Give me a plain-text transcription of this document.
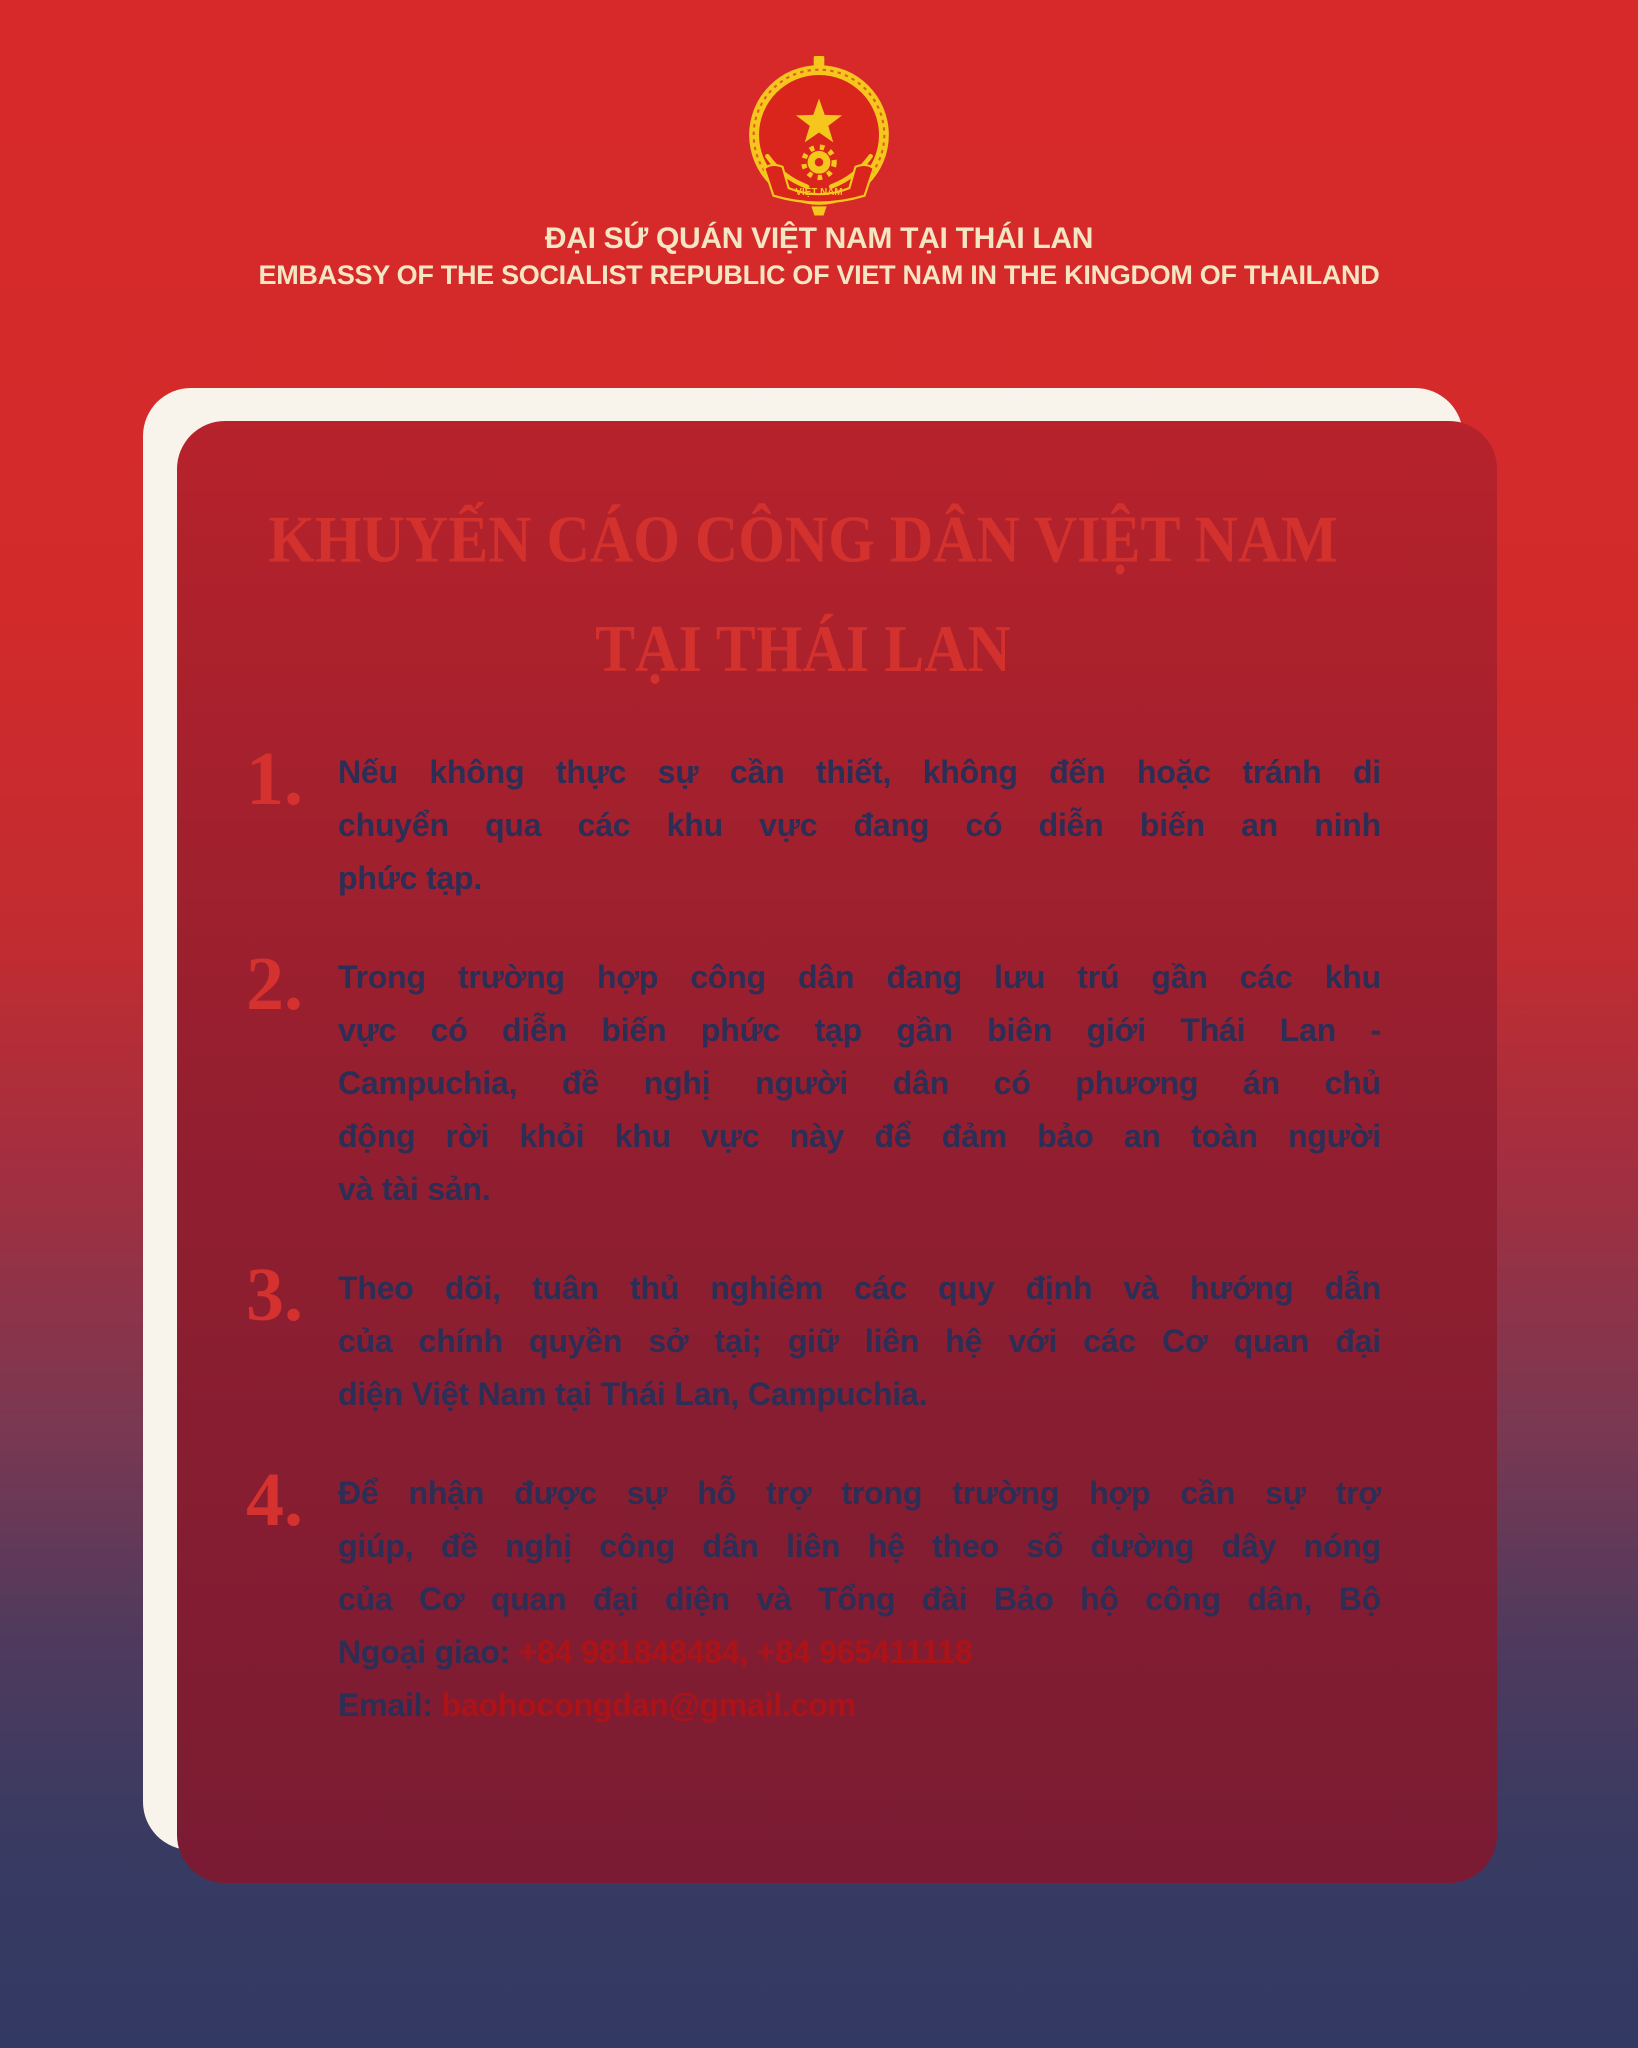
VIỆT NAM
ĐẠI SỨ QUÁN VIỆT NAM TẠI THÁI LAN
EMBASSY OF THE SOCIALIST REPUBLIC OF VIET NAM IN THE KINGDOM OF THAILAND
KHUYẾN CÁO CÔNG DÂN VIỆT NAM
TẠI THÁI LAN
1.	Nếu không thực sự cần thiết, không đến hoặc tránh di
chuyển qua các khu vực đang có diễn biến an ninh
phức tạp.
2.	Trong trường hợp công dân đang lưu trú gần các khu
vực có diễn biến phức tạp gần biên giới Thái Lan -
Campuchia, đề nghị người dân có phương án chủ
động rời khỏi khu vực này để đảm bảo an toàn người
và tài sản.
3.	Theo dõi, tuân thủ nghiêm các quy định và hướng dẫn
của chính quyền sở tại; giữ liên hệ với các Cơ quan đại
diện Việt Nam tại Thái Lan, Campuchia.
4.	Để nhận được sự hỗ trợ trong trường hợp cần sự trợ
giúp, đề nghị công dân liên hệ theo số đường dây nóng
của Cơ quan đại diện và Tổng đài Bảo hộ công dân, Bộ
Ngoại giao: +84 981848484, +84 965411118
Email: baohocongdan@gmail.com
